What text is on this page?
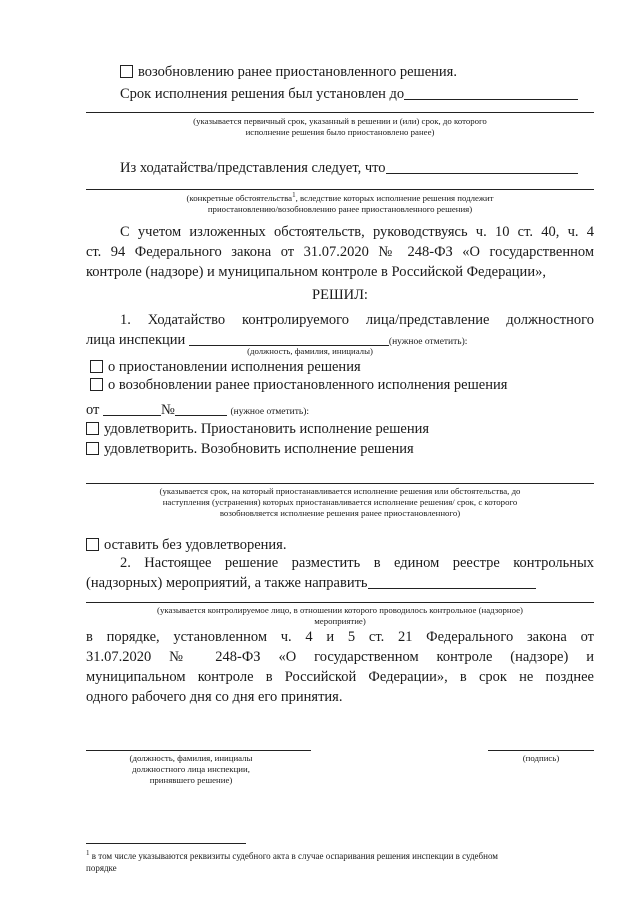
возобновлению ранее приостановленного решения.
Срок исполнения решения был установлен до
(указывается первичный срок, указанный в решении и (или) срок, до которого
исполнение решения было приостановлено ранее)
Из ходатайства/представления следует, что
(конкретные обстоятельства$^1$, вследствие которых исполнение решения подлежит
приостановлению/возобновлению ранее приостановленного решения)
С учетом изложенных обстоятельств, руководствуясь ч. 10 ст. 40, ч. 4
ст. 94 Федерального закона от 31.07.2020 № 248-ФЗ «О государственном
контроле (надзоре) и муниципальном контроле в Российской Федерации»,
РЕШИЛ:
1. Ходатайство контролируемого лица/представление должностного
лица инспекции	(нужное отметить):
(должность, фамилия, инициалы)
о приостановлении исполнения решения
о возобновлении ранее приостановленного исполнения решения
от	№	(нужное отметить):
удовлетворить. Приостановить исполнение решения
удовлетворить. Возобновить исполнение решения
(указывается срок, на который приостанавливается исполнение решения или обстоятельства, до
наступления (устранения) которых приостанавливается исполнение решения/ срок, с которого
возобновляется исполнение решения ранее приостановленного)
оставить без удовлетворения.
2. Настоящее решение разместить в едином реестре контрольных
(надзорных) мероприятий, а также направить
(указывается контролируемое лицо, в отношении которого проводилось контрольное (надзорное)
мероприятие)
в порядке, установленном ч. 4 и 5 ст. 21 Федерального закона от
31.07.2020 № 248-ФЗ «О государственном контроле (надзоре) и
муниципальном контроле в Российской Федерации», в срок не позднее
одного рабочего дня со дня его принятия.
(должность, фамилия, инициалы
должностного лица инспекции,
принявшего решение)
(подпись)
$^1$ в том числе указываются реквизиты судебного акта в случае оспаривания решения инспекции в судебном
порядке
